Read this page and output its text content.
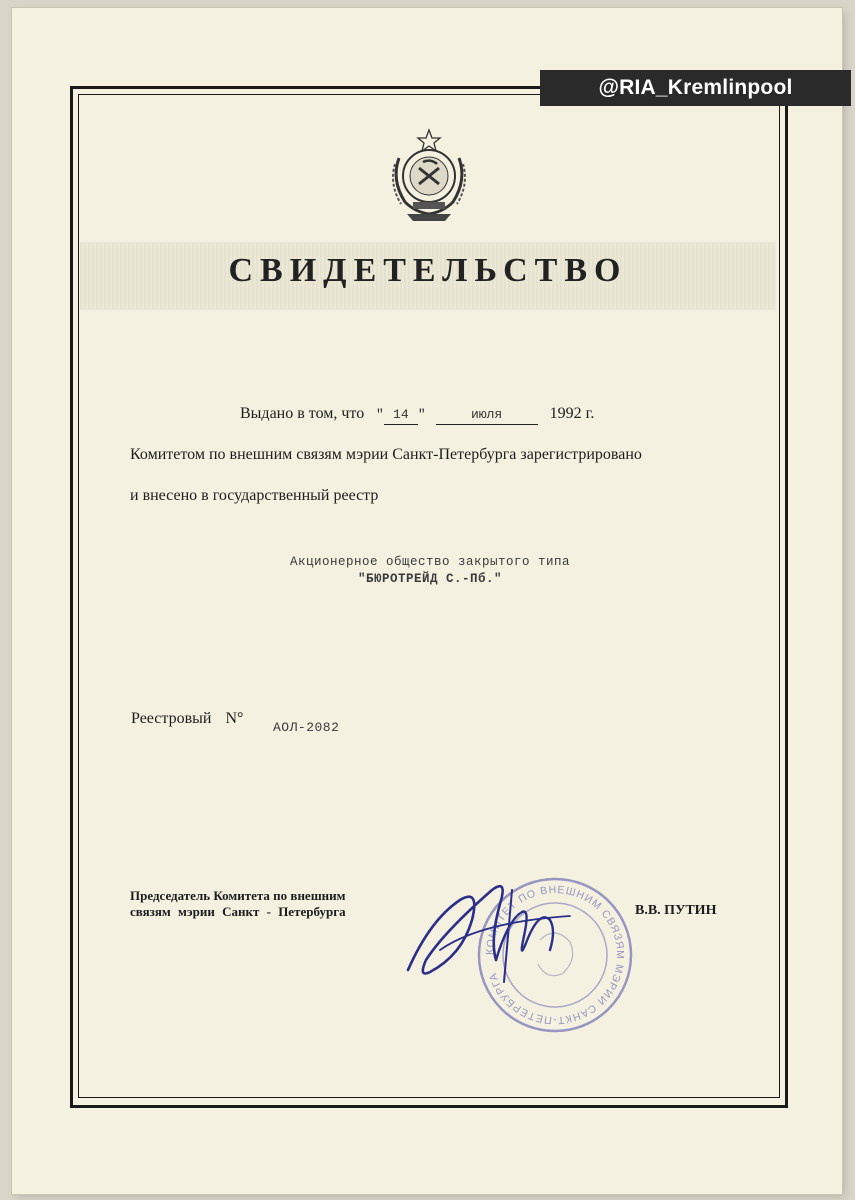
@RIA_Kremlinpool
СВИДЕТЕЛЬСТВО
Выдано в том, что  " 14 "	июля	1992 г.
Комитетом по внешним связям мэрии Санкт-Петербурга зарегистрировано
и внесено в государственный реестр
Акционерное общество закрытого типа
"БЮРОТРЕЙД С.-Пб."
Реестровый N°
АОЛ-2082
Председатель Комитета по внешним
связям мэрии Санкт - Петербурга
КОМИТЕТ ПО ВНЕШНИМ СВЯЗЯМ МЭРИИ САНКТ-ПЕТЕРБУРГА
В.В. ПУТИН
